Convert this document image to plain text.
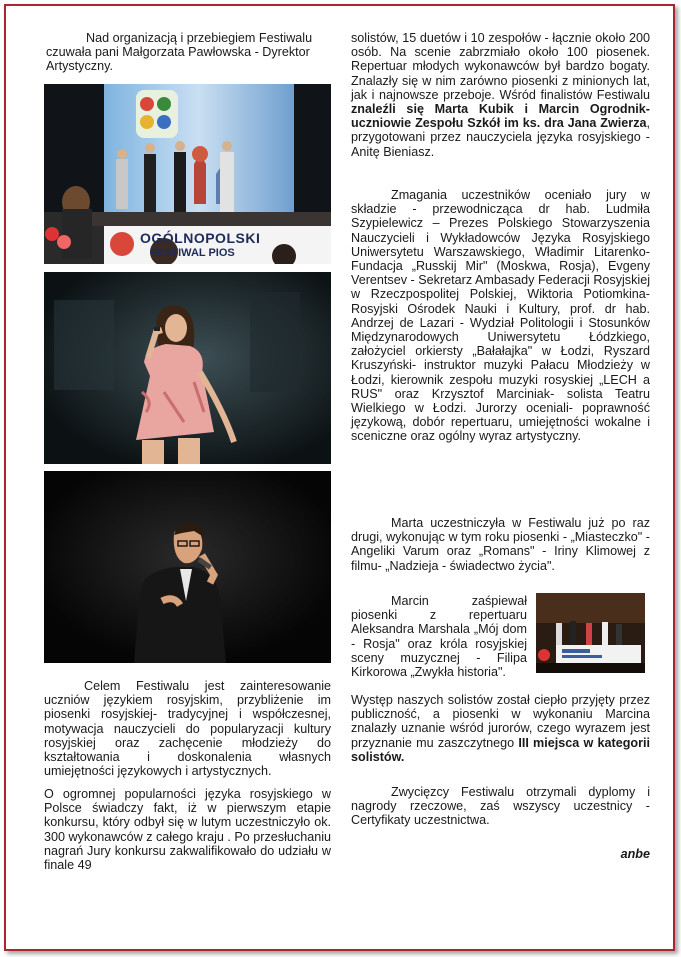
Nad organizacją i przebiegiem Festiwalu czuwała pani Małgorzata Pawłowska - Dyrektor Artystyczny.

OGÓLNOPOLSKI
FESTIWAL PIOS

Celem Festiwalu jest zainteresowanie uczniów językiem rosyjskim, przybliżenie im piosenki rosyjskiej- tradycyjnej i współczesnej, motywacja nauczycieli do popularyzacji kultury rosyjskiej oraz zachęcenie młodzieży do kształtowania i doskonalenia własnych umiejętności językowych i artystycznych.

O ogromnej popularności języka rosyjskiego w Polsce świadczy fakt, iż w pierwszym etapie konkursu, który odbył się w lutym uczestniczyło ok. 300 wykonawców z całego kraju . Po przesłuchaniu nagrań Jury konkursu zakwalifikowało do udziału w finale 49

solistów, 15 duetów i 10 zespołów - łącznie około 200 osób. Na scenie zabrzmiało około 100 piosenek. Repertuar młodych wykonawców był bardzo bogaty. Znalazły się w nim zarówno piosenki z minionych lat, jak i najnowsze przeboje. Wśród finalistów Festiwalu znaleźli się Marta Kubik i Marcin Ogrodnik-uczniowie Zespołu Szkół im ks. dra Jana Zwierza, przygotowani przez nauczyciela języka rosyjskiego - Anitę Bieniasz.

Zmagania uczestników oceniało jury w składzie - przewodnicząca dr hab. Ludmiła Szypielewicz – Prezes Polskiego Stowarzyszenia Nauczycieli i Wykładowców Języka Rosyjskiego Uniwersytetu Warszawskiego, Władimir Litarenko- Fundacja „Russkij Mir" (Moskwa, Rosja), Evgeny Verentsev - Sekretarz Ambasady Federacji Rosyjskiej w Rzeczpospolitej Polskiej, Wiktoria Potiomkina-Rosyjski Ośrodek Nauki i Kultury, prof. dr hab. Andrzej de Lazari - Wydział Politologii i Stosunków Międzynarodowych Uniwersytetu Łódzkiego, założyciel orkiersty „Bałałajka" w Łodzi, Ryszard Kruszyński- instruktor muzyki Pałacu Młodzieży w Łodzi, kierownik zespołu muzyki rosyskiej „LECH a RUS" oraz Krzysztof Marciniak- solista Teatru Wielkiego w Łodzi. Jurorzy oceniali- poprawność językową, dobór repertuaru, umiejętności wokalne i sceniczne oraz ogólny wyraz artystyczny.

Marta uczestniczyła w Festiwalu już po raz drugi, wykonując w tym roku piosenki - „Miasteczko" - Angeliki Varum oraz „Romans" - Iriny Klimowej z filmu- „Nadzieja - świadectwo życia".

Marcin zaśpiewał piosenki z repertuaru Aleksandra Marshala „Mój dom - Rosja" oraz króla rosyjskiej sceny muzycznej - Filipa Kirkorowa „Zwykła historia".

Występ naszych solistów został ciepło przyjęty przez publiczność, a piosenki w wykonaniu Marcina znalazły uznanie wśród jurorów, czego wyrazem jest przyznanie mu zaszczytnego III miejsca w kategorii solistów.

Zwycięzcy Festiwalu otrzymali dyplomy i nagrody rzeczowe, zaś wszyscy uczestnicy - Certyfikaty uczestnictwa.

anbe
